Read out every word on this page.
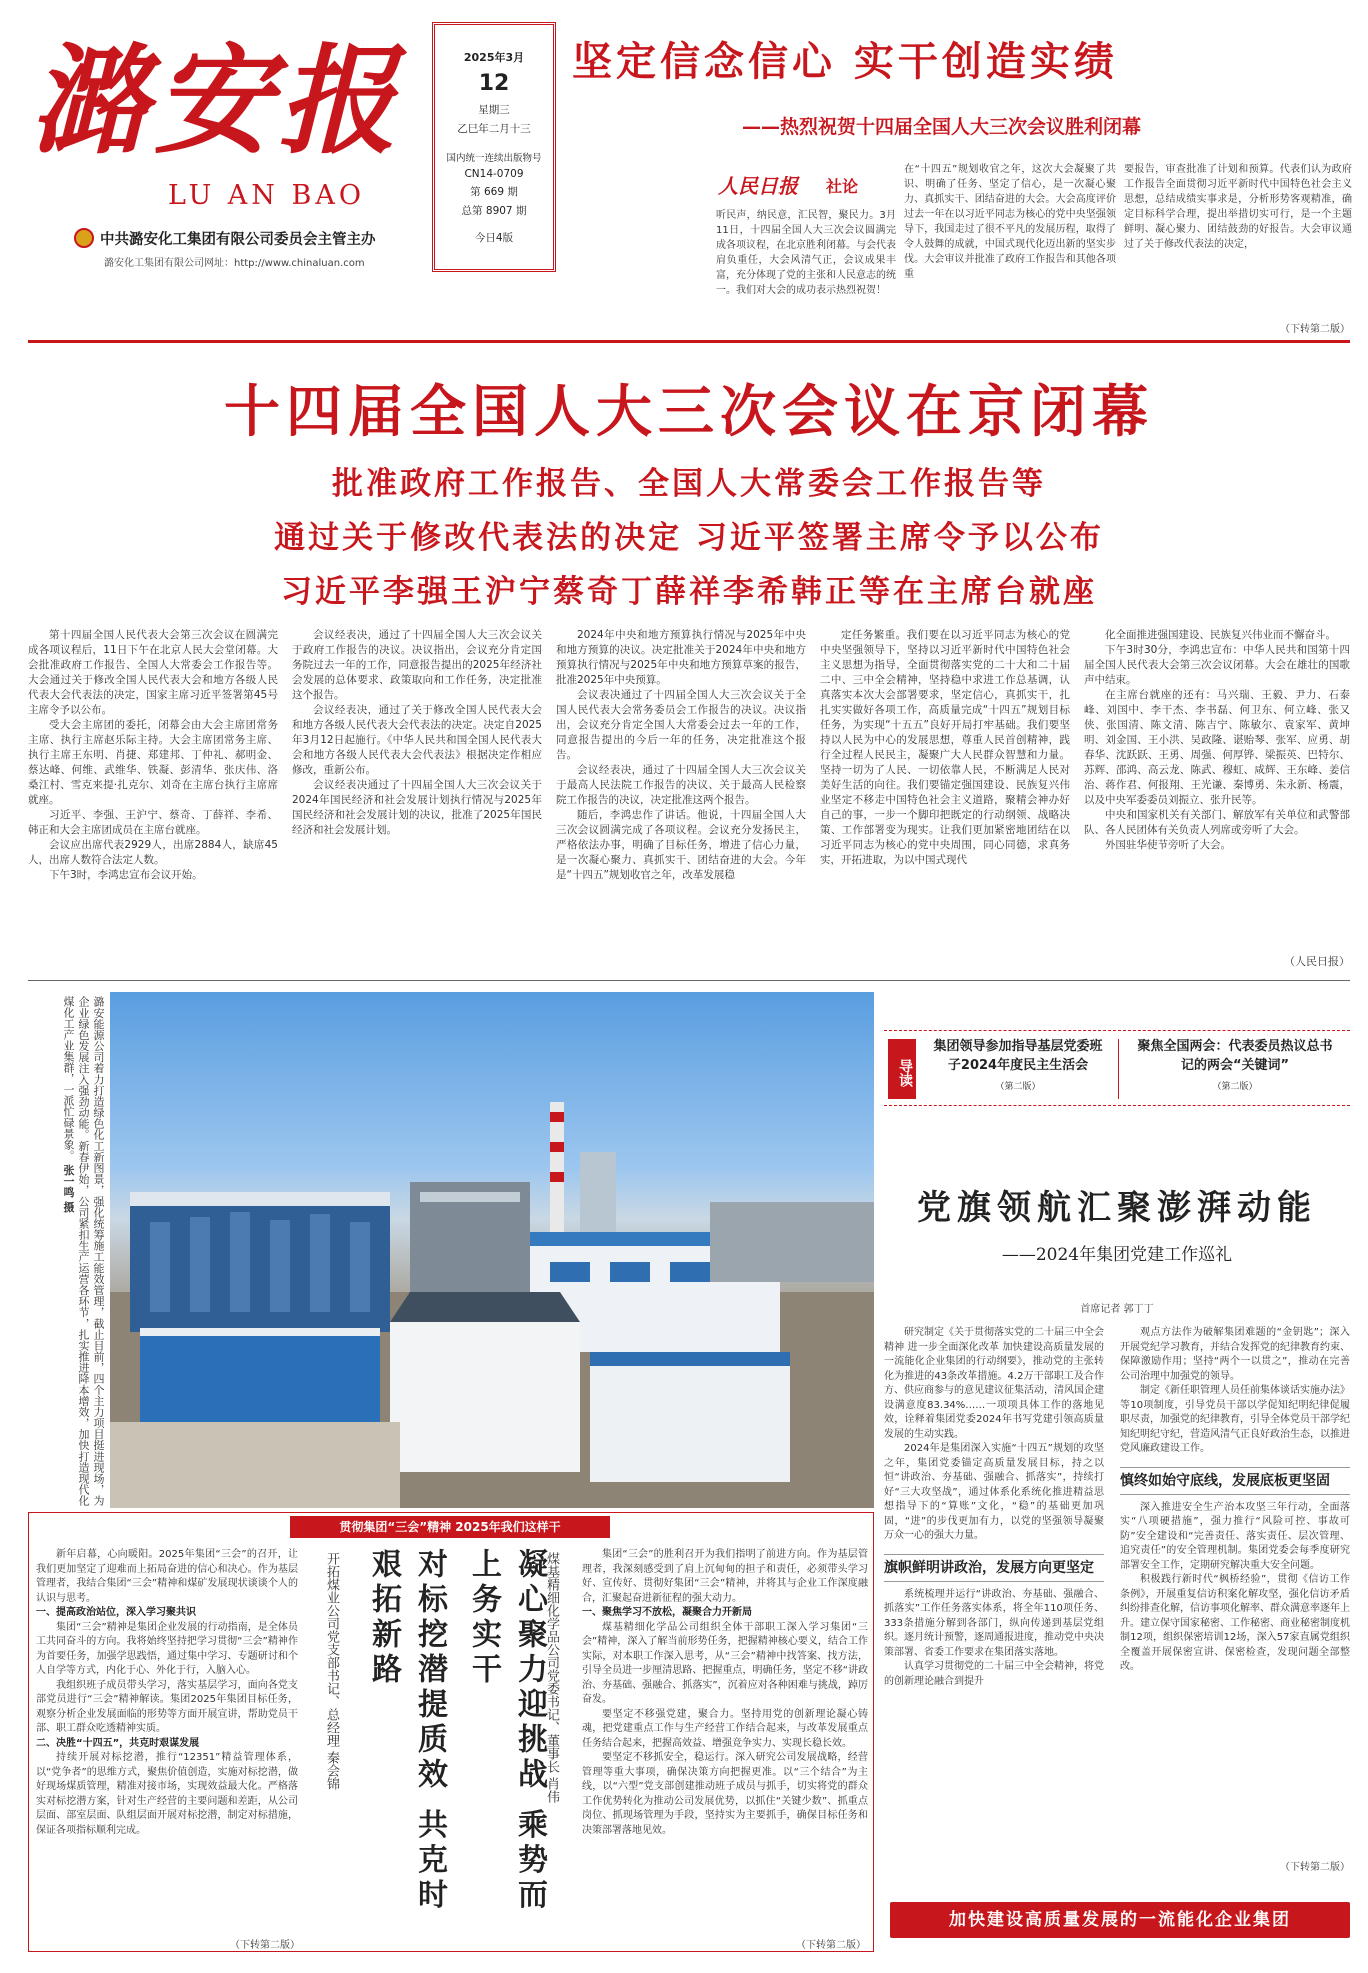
潞安报
LU AN BAO
中共潞安化工集团有限公司委员会主管主办
潞安化工集团有限公司网址：http://www.chinaluan.com
2025年3月
12
星期三
乙巳年二月十三
国内统一连续出版物号
CN14-0709
第 669 期
总第 8907 期
今日4版
坚定信念信心 实干创造实绩
——热烈祝贺十四届全国人大三次会议胜利闭幕
人民日报 社论
听民声，纳民意，汇民智，聚民力。3月11日，十四届全国人大三次会议圆满完成各项议程，在北京胜利闭幕。与会代表肩负重任，大会风清气正，会议成果丰富，充分体现了党的主张和人民意志的统一。我们对大会的成功表示热烈祝贺！
在“十四五”规划收官之年，这次大会凝聚了共识、明确了任务、坚定了信心，是一次凝心聚力、真抓实干、团结奋进的大会。大会高度评价过去一年在以习近平同志为核心的党中央坚强领导下，我国走过了很不平凡的发展历程，取得了令人鼓舞的成就，中国式现代化迈出新的坚实步伐。大会审议并批准了政府工作报告和其他各项重
要报告，审查批准了计划和预算。代表们认为政府工作报告全面贯彻习近平新时代中国特色社会主义思想，总结成绩实事求是，分析形势客观精准，确定目标科学合理，提出举措切实可行，是一个主题鲜明、凝心聚力、团结鼓劲的好报告。大会审议通过了关于修改代表法的决定，
（下转第二版）
十四届全国人大三次会议在京闭幕
批准政府工作报告、全国人大常委会工作报告等
通过关于修改代表法的决定 习近平签署主席令予以公布
习近平李强王沪宁蔡奇丁薛祥李希韩正等在主席台就座

第十四届全国人民代表大会第三次会议在圆满完成各项议程后，11日下午在北京人民大会堂闭幕。大会批准政府工作报告、全国人大常委会工作报告等。大会通过关于修改全国人民代表大会和地方各级人民代表大会代表法的决定，国家主席习近平签署第45号主席令予以公布。

受大会主席团的委托，闭幕会由大会主席团常务主席、执行主席赵乐际主持。大会主席团常务主席、执行主席王东明、肖捷、郑建邦、丁仲礼、郝明金、蔡达峰、何维、武维华、铁凝、彭清华、张庆伟、洛桑江村、雪克来提·扎克尔、刘奇在主席台执行主席席就座。

习近平、李强、王沪宁、蔡奇、丁薛祥、李希、韩正和大会主席团成员在主席台就座。

会议应出席代表2929人，出席2884人，缺席45人，出席人数符合法定人数。

下午3时，李鸿忠宣布会议开始。

会议经表决，通过了十四届全国人大三次会议关于政府工作报告的决议。决议指出，会议充分肯定国务院过去一年的工作，同意报告提出的2025年经济社会发展的总体要求、政策取向和工作任务，决定批准这个报告。

会议经表决，通过了关于修改全国人民代表大会和地方各级人民代表大会代表法的决定。决定自2025年3月12日起施行。《中华人民共和国全国人民代表大会和地方各级人民代表大会代表法》根据决定作相应修改，重新公布。

会议经表决通过了十四届全国人大三次会议关于2024年国民经济和社会发展计划执行情况与2025年国民经济和社会发展计划的决议，批准了2025年国民经济和社会发展计划。

2024年中央和地方预算执行情况与2025年中央和地方预算的决议。决定批准关于2024年中央和地方预算执行情况与2025年中央和地方预算草案的报告，批准2025年中央预算。

会议表决通过了十四届全国人大三次会议关于全国人民代表大会常务委员会工作报告的决议。决议指出，会议充分肯定全国人大常委会过去一年的工作，同意报告提出的今后一年的任务，决定批准这个报告。

会议经表决，通过了十四届全国人大三次会议关于最高人民法院工作报告的决议、关于最高人民检察院工作报告的决议，决定批准这两个报告。

随后，李鸿忠作了讲话。他说，十四届全国人大三次会议圆满完成了各项议程。会议充分发扬民主，严格依法办事，明确了目标任务，增进了信心力量，是一次凝心聚力、真抓实干、团结奋进的大会。今年是“十四五”规划收官之年，改革发展稳

定任务繁重。我们要在以习近平同志为核心的党中央坚强领导下，坚持以习近平新时代中国特色社会主义思想为指导，全面贯彻落实党的二十大和二十届二中、三中全会精神，坚持稳中求进工作总基调，认真落实本次大会部署要求，坚定信心，真抓实干，扎扎实实做好各项工作，高质量完成“十四五”规划目标任务，为实现“十五五”良好开局打牢基础。我们要坚持以人民为中心的发展思想，尊重人民首创精神，践行全过程人民民主，凝聚广大人民群众智慧和力量。坚持一切为了人民、一切依靠人民，不断满足人民对美好生活的向往。我们要锚定强国建设、民族复兴伟业坚定不移走中国特色社会主义道路，聚精会神办好自己的事，一步一个脚印把既定的行动纲领、战略决策、工作部署变为现实。让我们更加紧密地团结在以习近平同志为核心的党中央周围，同心同德，求真务实，开拓进取，为以中国式现代

化全面推进强国建设、民族复兴伟业而不懈奋斗。

下午3时30分，李鸿忠宣布：中华人民共和国第十四届全国人民代表大会第三次会议闭幕。大会在雄壮的国歌声中结束。

在主席台就座的还有：马兴瑞、王毅、尹力、石泰峰、刘国中、李干杰、李书磊、何卫东、何立峰、张又侠、张国清、陈文清、陈吉宁、陈敏尔、袁家军、黄坤明、刘金国、王小洪、吴政隆、谌贻琴、张军、应勇、胡春华、沈跃跃、王勇、周强、何厚铧、梁振英、巴特尔、苏辉、邵鸿、高云龙、陈武、穆虹、咸辉、王东峰、姜信治、蒋作君、何报翔、王光谦、秦博勇、朱永新、杨震，以及中央军委委员刘振立、张升民等。

中央和国家机关有关部门、解放军有关单位和武警部队、各人民团体有关负责人列席或旁听了大会。

外国驻华使节旁听了大会。

（人民日报）
潞安能源公司着力打造绿色化工新图景，强化统筹施工能效管理，截止目前，四个主力项目挺进现场，为企业绿色发展注入强劲动能。新春伊始，公司紧扣生产运营各环节，扎实推进降本增效，加快打造现代化煤化工产业集群，一派忙碌景象。 张一鸣 摄
导读
集团领导参加指导基层党委班子2024年度民主生活会
（第二版）
聚焦全国两会：代表委员热议总书记的两会“关键词”
（第二版）
党旗领航汇聚澎湃动能
——2024年集团党建工作巡礼
首席记者 郭丁丁

研究制定《关于贯彻落实党的二十届三中全会精神 进一步全面深化改革 加快建设高质量发展的一流能化企业集团的行动纲要》，推动党的主张转化为推进的43条改革措施。4.2万干部职工及合作方、供应商参与的意见建议征集活动，清风国企建设满意度83.34%……一项项具体工作的落地见效，诠释着集团党委2024年书写党建引领高质量发展的生动实践。

2024年是集团深入实施“十四五”规划的攻坚之年，集团党委锚定高质量发展目标，持之以恒“讲政治、夯基础、强融合、抓落实”，持续打好“三大攻坚战”，通过体系化系统化推进精益思想指导下的“算账”文化，“稳”的基础更加巩固，“进”的步伐更加有力，以党的坚强领导凝聚万众一心的强大力量。

旗帜鲜明讲政治，发展方向更坚定

系统梳理并运行“讲政治、夯基础、强融合、抓落实”工作任务落实体系，将全年110项任务、333条措施分解到各部门，纵向传递到基层党组织。逐月统计预警，逐周通报进度，推动党中央决策部署、省委工作要求在集团落实落地。

认真学习贯彻党的二十届三中全会精神，将党的创新理论融合到提升

观点方法作为破解集团难题的“金钥匙”；深入开展党纪学习教育，并结合发挥党的纪律教育约束、保障激励作用；坚持“两个一以贯之”，推动在完善公司治理中加强党的领导。

制定《新任职管理人员任前集体谈话实施办法》等10项制度，引导党员干部以学促知纪明纪律促履职尽责，加强党的纪律教育，引导全体党员干部学纪知纪明纪守纪，营造风清气正良好政治生态，以推进党风廉政建设工作。

慎终如始守底线，发展底板更坚固

深入推进安全生产治本攻坚三年行动，全面落实“八项硬措施”，强力推行“风险可控、事故可防”安全建设和“完善责任、落实责任、层次管理、追究责任”的安全管理机制。集团党委会每季度研究部署安全工作，定期研究解决重大安全问题。

积极践行新时代“枫桥经验”，贯彻《信访工作条例》，开展重复信访积案化解攻坚，强化信访矛盾纠纷排查化解，信访事项化解率、群众满意率逐年上升。建立保守国家秘密、工作秘密、商业秘密制度机制12项，组织保密培训12场，深入57家直属党组织全覆盖开展保密宣讲、保密检查，发现问题全部整改。

（下转第二版）
贯彻集团“三会”精神 2025年我们这样干

新年启幕，心向暖阳。2025年集团“三会”的召开，让我们更加坚定了迎难而上拓局奋进的信心和决心。作为基层管理者，我结合集团“三会”精神和煤矿发展现状谈谈个人的认识与思考。

一、提高政治站位，深入学习聚共识

集团“三会”精神是集团企业发展的行动指南，是全体员工共同奋斗的方向。我将始终坚持把学习贯彻“三会”精神作为首要任务，加强学思践悟，通过集中学习、专题研讨和个人自学等方式，内化于心、外化于行，入脑入心。

我组织班子成员带头学习，落实基层学习，面向各党支部党员进行“三会”精神解读。集团2025年集团目标任务，观察分析企业发展面临的形势等方面开展宣讲，帮助党员干部、职工群众吃透精神实质。

二、决胜“十四五”，共克时艰谋发展

持续开展对标挖潜，推行“12351”精益管理体系，以“党争者”的思维方式，聚焦价值创造，实施对标挖潜，做好现场煤质管理，精准对接市场，实现效益最大化。严格落实对标挖潜方案，针对生产经营的主要问题和差距，从公司层面、部室层面、队组层面开展对标挖潜，制定对标措施，保证各项指标顺利完成。

（下转第二版）
对标挖潜提质效 共克时艰拓新路
开拓煤业公司党支部书记、总经理 秦会锦	凝心聚力迎挑战 乘势而上务实干	煤基精细化学品公司党委书记、董事长 肖伟	集团“三会”的胜利召开为我们指明了前进方向。作为基层管理者，我深刻感受到了肩上沉甸甸的担子和责任，必须带头学习好、宣传好、贯彻好集团“三会”精神，并将其与企业工作深度融合，汇聚起奋进新征程的强大动力。

一、聚焦学习不放松，凝聚合力开新局

煤基精细化学品公司组织全体干部职工深入学习集团“三会”精神，深入了解当前形势任务，把握精神核心要义，结合工作实际，对本职工作深入思考，从“三会”精神中找答案、找方法，引导全员进一步厘清思路、把握重点，明确任务，坚定不移“讲政治、夯基础、强融合、抓落实”，沉着应对各种困难与挑战，踔厉奋发。

要坚定不移强党建，聚合力。坚持用党的创新理论凝心铸魂，把党建重点工作与生产经营工作结合起来，与改革发展重点任务结合起来，把握高效益、增强竞争实力、实现长稳长效。

要坚定不移抓安全，稳运行。深入研究公司发展战略，经营管理等重大事项，确保决策方向把握更准。以“三个结合”为主线，以“六型”党支部创建推动班子成员与抓手，切实将党的群众工作优势转化为推动公司发展优势，以抓住“关键少数”、抓重点岗位、抓现场管理为手段，坚持实为主要抓手，确保目标任务和决策部署落地见效。

（下转第二版）
加快建设高质量发展的一流能化企业集团
